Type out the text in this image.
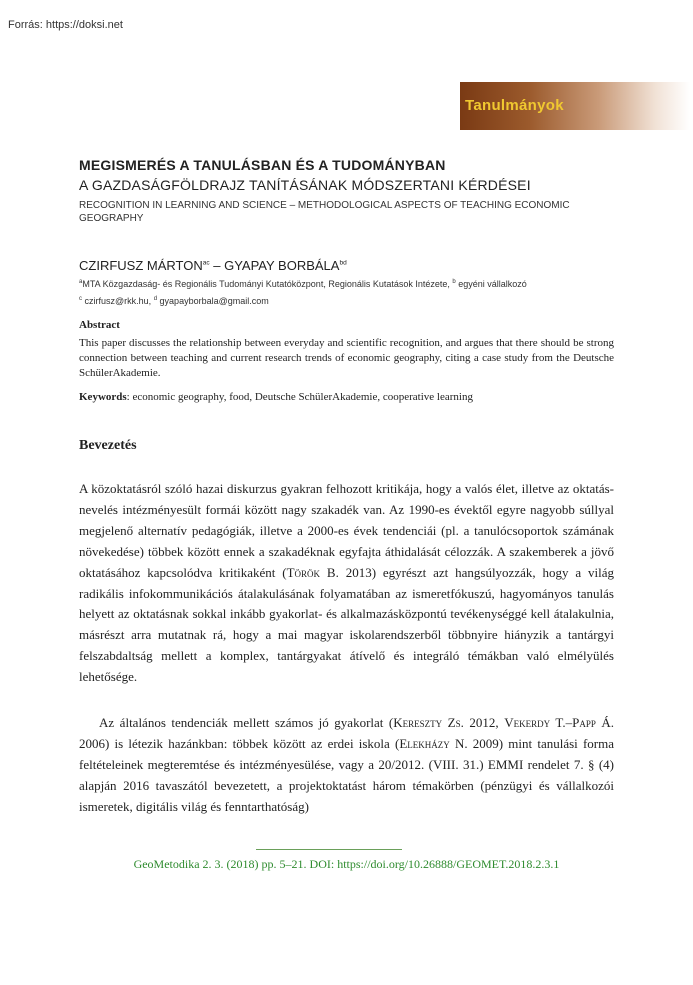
Forrás: https://doksi.net
Tanulmányok
MEGISMERÉS A TANULÁSBAN ÉS A TUDOMÁNYBAN
A GAZDASÁGFÖLDRAJZ TANÍTÁSÁNAK MÓDSZERTANI KÉRDÉSEI
RECOGNITION IN LEARNING AND SCIENCE – METHODOLOGICAL ASPECTS OF TEACHING ECONOMIC GEOGRAPHY
CZIRFUSZ $MÁRTON^{ac}$ – GYAPAY $BORBÁLA^{bd}$
$^a$MTA Közgazdaság- és Regionális Tudományi Kutatóközpont, Regionális Kutatások Intézete, $^b$ egyéni vállalkozó
$^c$ czirfusz@rkk.hu, $^d$ gyapayborbala@gmail.com
Abstract
This paper discusses the relationship between everyday and scientific recognition, and argues that there should be strong connection between teaching and current research trends of economic geography, citing a case study from the Deutsche SchülerAkademie.
Keywords: economic geography, food, Deutsche SchülerAkademie, cooperative learning
Bevezetés
A közoktatásról szóló hazai diskurzus gyakran felhozott kritikája, hogy a valós élet, illetve az oktatás-nevelés intézményesült formái között nagy szakadék van. Az 1990-es évektől egyre nagyobb súllyal megjelenő alternatív pedagógiák, illetve a 2000-es évek tendenciái (pl. a tanulócsoportok számának növekedése) többek között ennek a szakadéknak egyfajta áthidalását célozzák. A szakemberek a jövő oktatásához kapcsolódva kritikaként (Török B. 2013) egyrészt azt hangsúlyozzák, hogy a világ radikális infokommunikációs átalakulásának folyamatában az ismeretfókuszú, hagyományos tanulás helyett az oktatásnak sokkal inkább gyakorlat- és alkalmazásközpontú tevékenységgé kell átalakulnia, másrészt arra mutatnak rá, hogy a mai magyar iskolarendszerből többnyire hiányzik a tantárgyi felszabdaltság mellett a komplex, tantárgyakat átívelő és integráló témákban való elmélyülés lehetősége.
Az általános tendenciák mellett számos jó gyakorlat (Kereszty Zs. 2012, Vekerdy T.–Papp Á. 2006) is létezik hazánkban: többek között az erdei iskola (Elekházy N. 2009) mint tanulási forma feltételeinek megteremtése és intézményesülése, vagy a 20/2012. (VIII. 31.) EMMI rendelet 7. § (4) alapján 2016 tavaszától bevezetett, a projektoktatást három témakörben (pénzügyi és vállalkozói ismeretek, digitális világ és fenntarthatóság)
GeoMetodika 2. 3. (2018) pp. 5–21. DOI: https://doi.org/10.26888/GEOMET.2018.2.3.1
